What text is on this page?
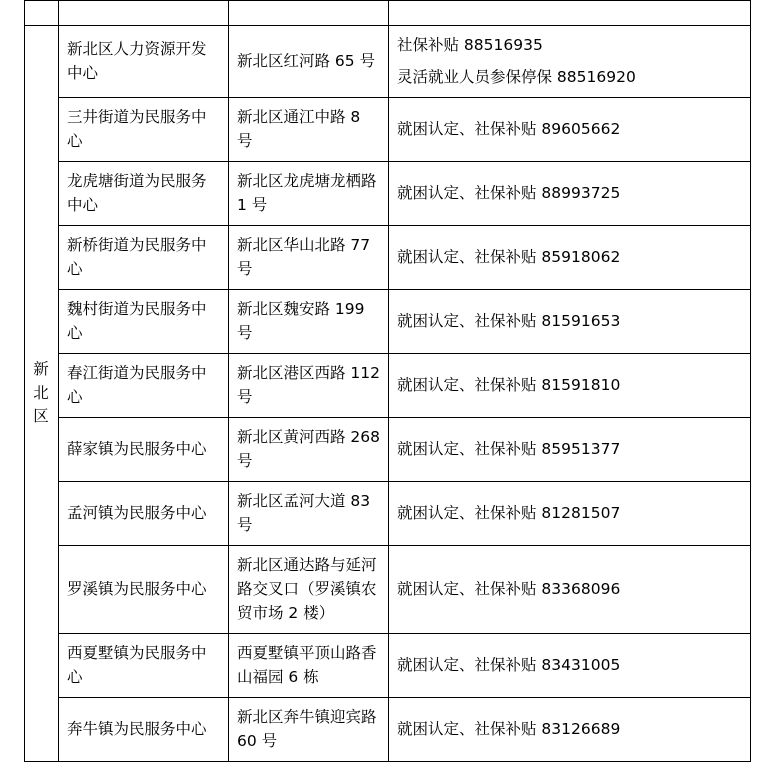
新北区	新北区人力资源开发中心	新北区红河路 65 号	社保补贴 88516935
灵活就业人员参保停保 88516920

	三井街道为民服务中心	新北区通江中路 8 号	就困认定、社保补贴 89605662

	龙虎塘街道为民服务中心	新北区龙虎塘龙栖路 1 号	就困认定、社保补贴 88993725

	新桥街道为民服务中心	新北区华山北路 77 号	就困认定、社保补贴 85918062

	魏村街道为民服务中心	新北区魏安路 199 号	就困认定、社保补贴 81591653

	春江街道为民服务中心	新北区港区西路 112 号	就困认定、社保补贴 81591810

	薛家镇为民服务中心	新北区黄河西路 268 号	就困认定、社保补贴 85951377

	孟河镇为民服务中心	新北区孟河大道 83 号	就困认定、社保补贴 81281507

	罗溪镇为民服务中心	新北区通达路与延河路交叉口（罗溪镇农贸市场 2 楼）	就困认定、社保补贴 83368096

	西夏墅镇为民服务中心	西夏墅镇平顶山路香山福园 6 栋	就困认定、社保补贴 83431005

	奔牛镇为民服务中心	新北区奔牛镇迎宾路 60 号	就困认定、社保补贴 83126689
